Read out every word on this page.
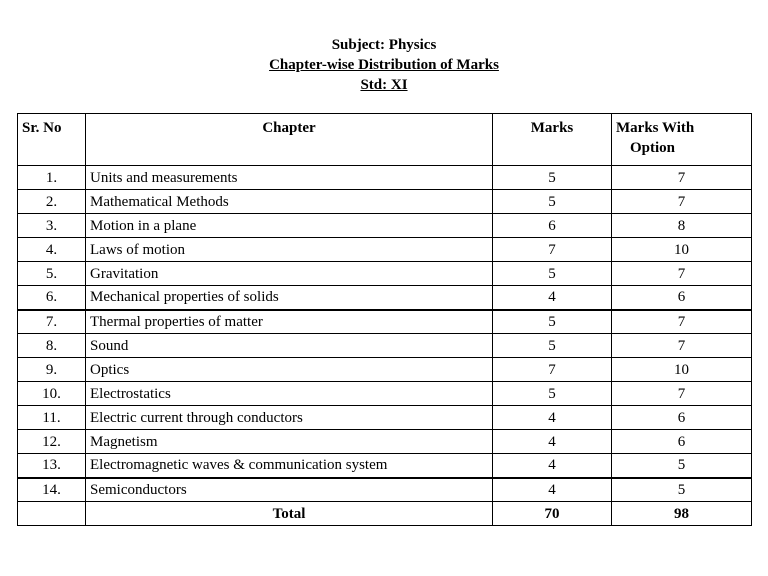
Subject: Physics
Chapter-wise Distribution of Marks
Std: XI
Sr. No	Chapter	Marks	Marks With
Option

1.	Units and measurements	5	7
2.	Mathematical Methods	5	7
3.	Motion in a plane	6	8
4.	Laws of motion	7	10
5.	Gravitation	5	7
6.	Mechanical properties of solids	4	6
7.	Thermal properties of matter	5	7
8.	Sound	5	7
9.	Optics	7	10
10.	Electrostatics	5	7
11.	Electric current through conductors	4	6
12.	Magnetism	4	6
13.	Electromagnetic waves & communication system	4	5
14.	Semiconductors	4	5
	Total	70	98
